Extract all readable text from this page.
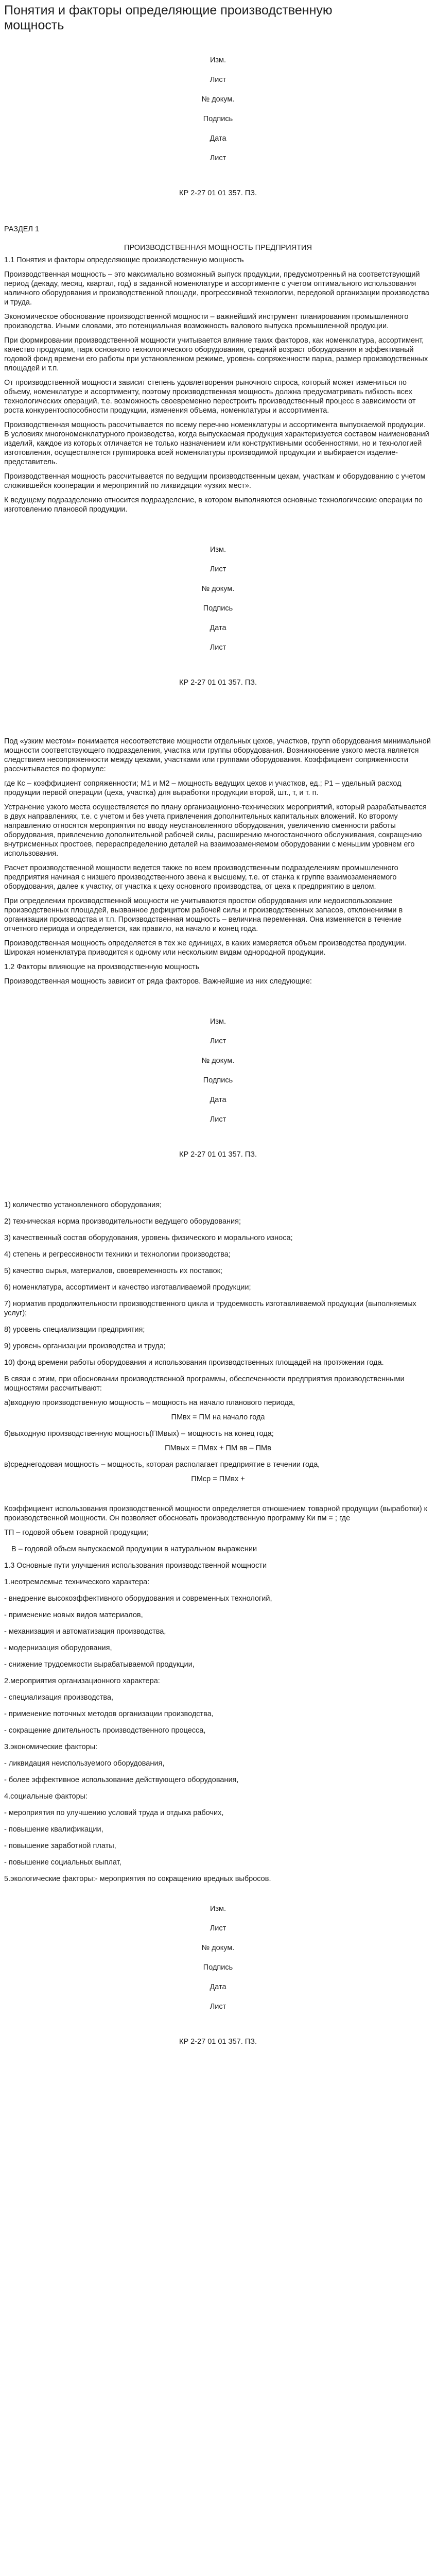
Понятия и факторы определяющие производственную мощность
Изм.
Лист
№ докум.
Подпись
Дата
Лист
КР 2-27 01 01 357. ПЗ.
РАЗДЕЛ 1
ПРОИЗВОДСТВЕННАЯ МОЩНОСТЬ ПРЕДПРИЯТИЯ

1.1 Понятия и факторы определяющие производственную мощность

Производственная мощность – это максимально возможный выпуск продукции, предусмотренный на соответствующий период (декаду, месяц, квартал, год) в заданной номенклатуре и ассортименте с учетом оптимального использования наличного оборудования и производственной площади, прогрессивной технологии, передовой организации производства и труда.

Экономическое обоснование производственной мощности – важнейший инструмент планирования промышленного производства. Иными словами, это потенциальная возможность валового выпуска промышленной продукции.

При формировании производственной мощности учитывается влияние таких факторов, как номенклатура, ассортимент, качество продукции, парк основного технологического оборудования, средний возраст оборудования и эффективный годовой фонд времени его работы при установленном режиме, уровень сопряженности парка, размер производственных площадей и т.п.

От производственной мощности зависит степень удовлетворения рыночного спроса, который может измениться по объему, номенклатуре и ассортименту, поэтому производственная мощность должна предусматривать гибкость всех технологических операций, т.е. возможность своевременно перестроить производственный процесс в зависимости от роста конкурентоспособности продукции, изменения объема, номенклатуры и ассортимента.

Производственная мощность рассчитывается по всему перечню номенклатуры и ассортимента выпускаемой продукции. В условиях многономенклатурного производства, когда выпускаемая продукция характеризуется составом наименований изделий, каждое из которых отличается не только назначением или конструктивными особенностями, но и технологией изготовления, осуществляется группировка всей номенклатуры производимой продукции и выбирается изделие-представитель.

Производственная мощность рассчитывается по ведущим производственным цехам, участкам и оборудованию с учетом сложившейся кооперации и мероприятий по ликвидации «узких мест».

К ведущему подразделению относится подразделение, в котором выполняются основные технологические операции по изготовлению плановой продукции.

Изм.
Лист
№ докум.
Подпись
Дата
Лист
КР 2-27 01 01 357. ПЗ.

Под «узким местом» понимается несоответствие мощности отдельных цехов, участков, групп оборудования минимальной мощности соответствующего подразделения, участка или группы оборудования. Возникновение узкого места является следствием несопряженности между цехами, участками или группами оборудования. Коэффициент сопряженности рассчитывается по формуле:

где Кс – коэффициент сопряженности; М1 и М2 – мощность ведущих цехов и участков, ед.; Р1 – удельный расход продукции первой операции (цеха, участка) для выработки продукции второй, шт., т, и т. п.

Устранение узкого места осуществляется по плану организационно-технических мероприятий, который разрабатывается в двух направлениях, т.е. с учетом и без учета привлечения дополнительных капитальных вложений. Ко второму направлению относятся мероприятия по вводу неустановленного оборудования, увеличению сменности работы оборудования, привлечению дополнительной рабочей силы, расширению многостаночного обслуживания, сокращению внутрисменных простоев, перераспределению деталей на взаимозаменяемом оборудовании с меньшим уровнем его использования.

Расчет производственной мощности ведется также по всем производственным подразделениям промышленного предприятия начиная с низшего производственного звена к высшему, т.е. от станка к группе взаимозаменяемого оборудования, далее к участку, от участка к цеху основного производства, от цеха к предприятию в целом.

При определении производственной мощности не учитываются простои оборудования или недоиспользование производственных площадей, вызванное дефицитом рабочей силы и производственных запасов, отклонениями в организации производства и т.п. Производственная мощность – величина переменная. Она изменяется в течение отчетного периода и определяется, как правило, на начало и конец года.

Производственная мощность определяется в тех же единицах, в каких измеряется объем производства продукции. Широкая номенклатура приводится к одному или нескольким видам однородной продукции.

1.2 Факторы влияющие на производственную мощность

Производственная мощность зависит от ряда факторов. Важнейшие из них следующие:

Изм.
Лист
№ докум.
Подпись
Дата
Лист
КР 2-27 01 01 357. ПЗ.
1) количество установленного оборудования;
2) техническая норма производительности ведущего оборудования;
3) качественный состав оборудования, уровень физического и морального износа;
4) степень и регрессивности техники и технологии производства;
5) качество сырья, материалов, своевременность их поставок;
6) номенклатура, ассортимент и качество изготавливаемой продукции;
7) норматив продолжительности производственного цикла и трудоемкость изготавливаемой продукции (выполняемых услуг);
8) уровень специализации предприятия;
9) уровень организации производства и труда;
10) фонд времени работы оборудования и использования производственных площадей на протяжении года.

В связи с этим, при обосновании производственной программы, обеспеченности предприятия производственными мощностями рассчитывают:

а)входную производственную мощность – мощность на начало планового периода,

ПМвх = ПМ на начало года

б)выходную производственную мощность(ПМвых) – мощность на конец года;

ПМвых = ПМвх + ПМ вв – ПМв

в)среднегодовая мощность – мощность, которая располагает предприятие в течении года,

ПМср = ПМвх +

Коэффициент использования производственной мощности определяется отношением товарной продукции (выработки) к производственной мощности. Он позволяет обосновать производственную программу Ки пм = ; где

ТП – годовой объем товарной продукции;
В – годовой объем выпускаемой продукции в натуральном выражении
1.3 Основные пути улучшения использования производственной мощности
1.неотремлемые технического характера:
- внедрение высокоэффективного оборудования и современных технологий,
- применение новых видов материалов,
- механизация и автоматизация производства,
- модернизация оборудования,
- снижение трудоемкости вырабатываемой продукции,
2.мероприятия организационного характера:
- специализация производства,
- применение поточных методов организации производства,
- сокращение длительность производственного процесса,
3.экономические факторы:
- ликвидация неиспользуемого оборудования,
- более эффективное использование действующего оборудования,
4.социальные факторы:
- мероприятия по улучшению условий труда и отдыха рабочих,
- повышение квалификации,
- повышение заработной платы,
- повышение социальных выплат,
5.экологические факторы:- мероприятия по сокращению вредных выбросов.
Изм.
Лист
№ докум.
Подпись
Дата
Лист
КР 2-27 01 01 357. ПЗ.
